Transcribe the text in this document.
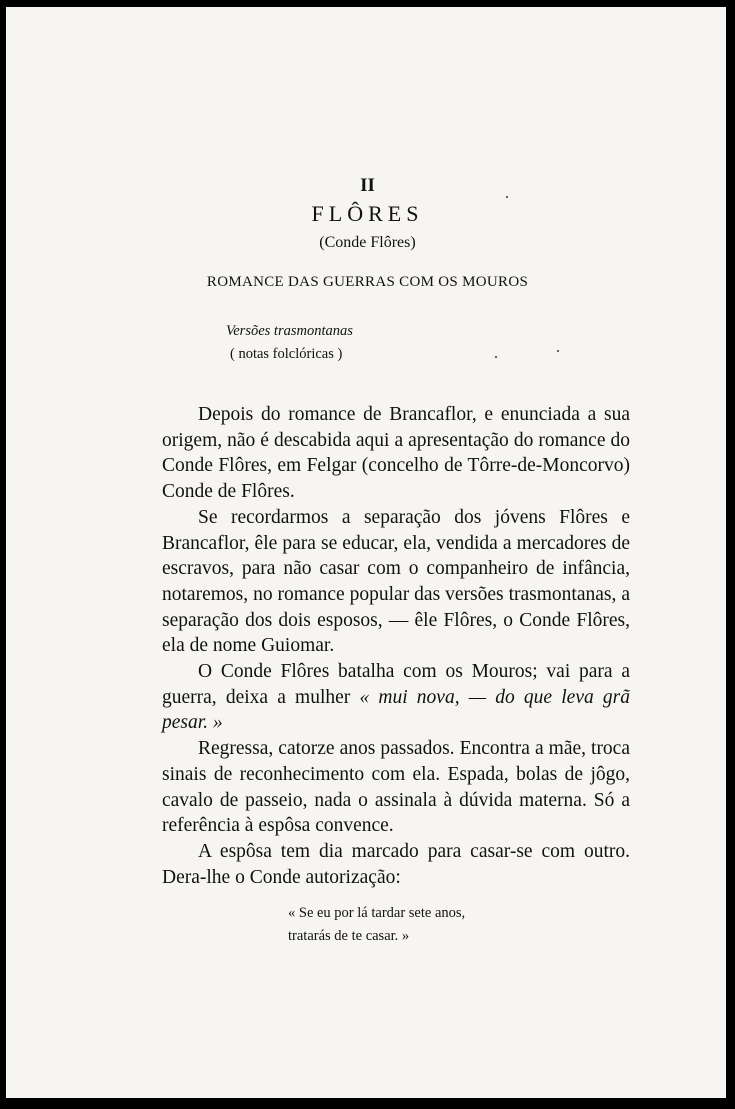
II
FLÔRES
(Conde Flôres)
ROMANCE DAS GUERRAS COM OS MOUROS
Versões trasmontanas
( notas folclóricas )

Depois do romance de Brancaflor, e enunciada a sua origem, não é descabida aqui a apresentação do romance do Conde Flôres, em Felgar (concelho de Tôrre-de-Moncorvo) Conde de Flôres.

Se recordarmos a separação dos jóvens Flôres e Brancaflor, êle para se educar, ela, vendida a mercadores de escravos, para não casar com o companheiro de infância, notaremos, no romance popular das versões trasmontanas, a separação dos dois esposos, — êle Flôres, o Conde Flôres, ela de nome Guiomar.

O Conde Flôres batalha com os Mouros; vai para a guerra, deixa a mulher « mui nova, — do que leva grã pesar. »

Regressa, catorze anos passados. Encontra a mãe, troca sinais de reconhecimento com ela. Espada, bolas de jôgo, cavalo de passeio, nada o assinala à dúvida materna. Só a referência à espôsa convence.

A espôsa tem dia marcado para casar-se com outro. Dera-lhe o Conde autorização:

« Se eu por lá tardar sete anos,
tratarás de te casar. »
